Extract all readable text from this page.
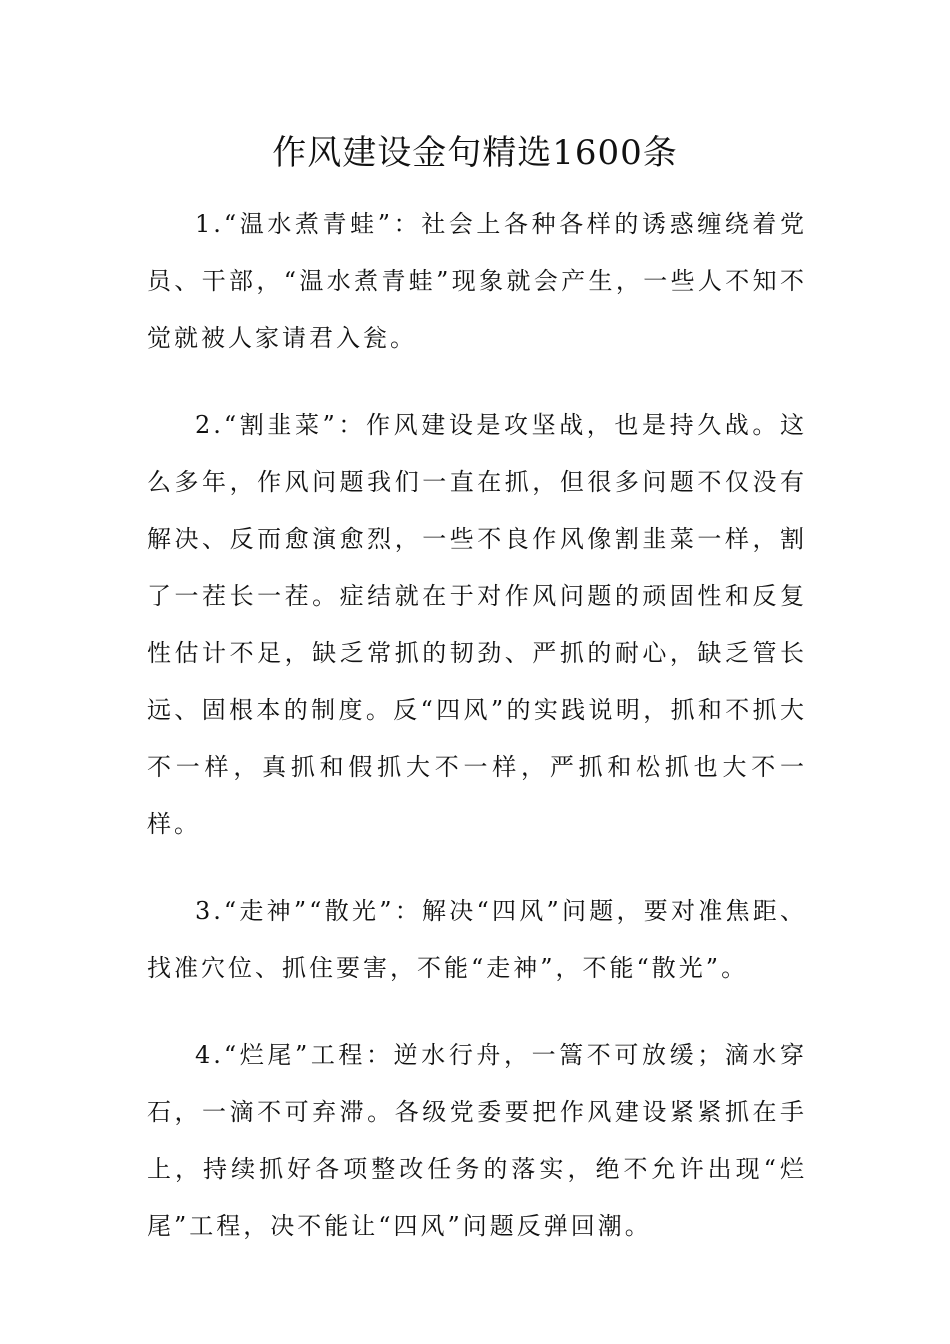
作风建设金句精选1600条

1.“温水煮青蛙”：社会上各种各样的诱惑缠绕着党员、干部，“温水煮青蛙”现象就会产生，一些人不知不觉就被人家请君入瓮。

2.“割韭菜”：作风建设是攻坚战，也是持久战。这么多年，作风问题我们一直在抓，但很多问题不仅没有解决、反而愈演愈烈，一些不良作风像割韭菜一样，割了一茬长一茬。症结就在于对作风问题的顽固性和反复性估计不足，缺乏常抓的韧劲、严抓的耐心，缺乏管长远、固根本的制度。反“四风”的实践说明，抓和不抓大不一样，真抓和假抓大不一样，严抓和松抓也大不一样。

3.“走神”“散光”：解决“四风”问题，要对准焦距、找准穴位、抓住要害，不能“走神”，不能“散光”。

4.“烂尾”工程：逆水行舟，一篙不可放缓；滴水穿石，一滴不可弃滞。各级党委要把作风建设紧紧抓在手上，持续抓好各项整改任务的落实，绝不允许出现“烂尾”工程，决不能让“四风”问题反弹回潮。
